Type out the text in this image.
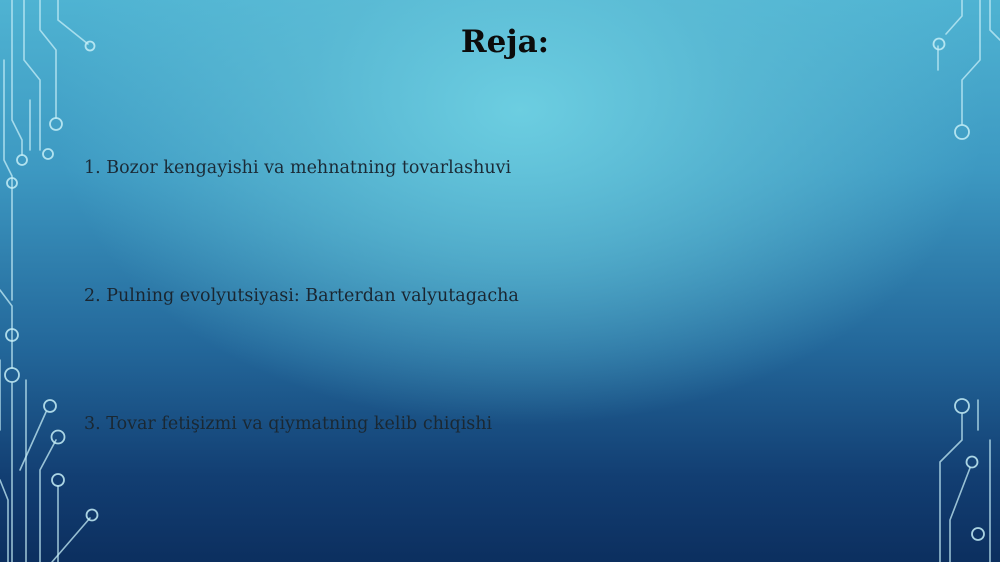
Reja:

1. Bozor kengayishi va mehnatning tovarlashuvi

2. Pulning evolyutsiyasi: Barterdan valyutagacha

3. Tovar fetişizmi va qiymatning kelib chiqishi
